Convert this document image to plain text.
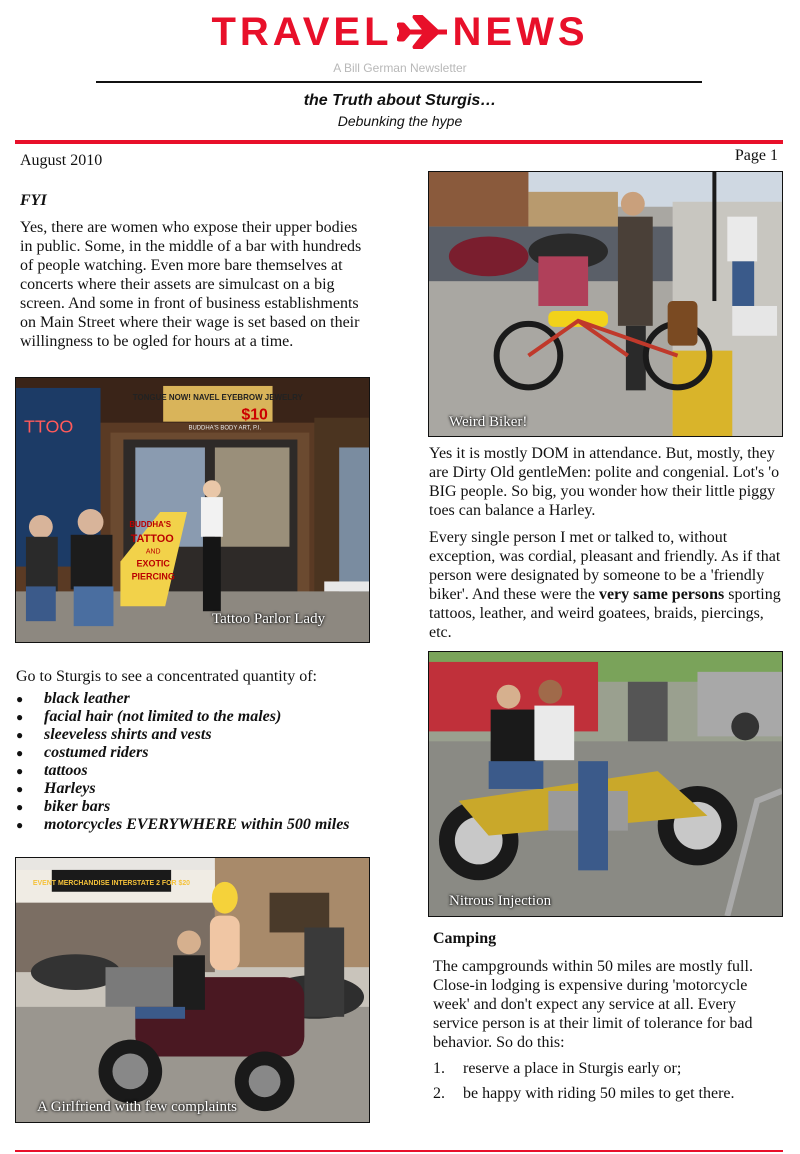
TRAVEL NEWS
A Bill German Newsletter
the Truth about Sturgis…
Debunking the hype
August 2010	Page 1
FYI

Yes, there are women who expose their upper bodies in public. Some, in the middle of a bar with hundreds of people watching. Even more bare themselves at concerts where their assets are simulcast on a big screen. And some in front of business establishments on Main Street where their wage is set based on their willingness to be ogled for hours at a time.

TONGUE NOW! NAVEL EYEBROW JEWELRY
$10
BUDDHA'S BODY ART, P.I.
TTOO
BUDDHA'S
TATTOO
AND
EXOTIC
PIERCING
Tattoo Parlor Lady

Go to Sturgis to see a concentrated quantity of:

● black leather
● facial hair (not limited to the males)
● sleeveless shirts and vests
● costumed riders
● tattoos
● Harleys
● biker bars
● motorcycles EVERYWHERE within 500 miles
EVENT MERCHANDISE INTERSTATE 2 FOR $20
A Girlfriend with few complaints
Weird Biker!

Yes it is mostly DOM in attendance. But, mostly, they are Dirty Old gentleMen: polite and congenial. Lot's 'o BIG people. So big, you wonder how their little piggy toes can balance a Harley.

Every single person I met or talked to, without exception, was cordial, pleasant and friendly. As if that person were designated by someone to be a 'friendly biker'. And these were the very same persons sporting tattoos, leather, and weird goatees, braids, piercings, etc.

Nitrous Injection
Camping

The campgrounds within 50 miles are mostly full. Close-in lodging is expensive during 'motorcycle week' and don't expect any service at all. Every service person is at their limit of tolerance for bad behavior. So do this:

1. reserve a place in Sturgis early or;
2. be happy with riding 50 miles to get there.
